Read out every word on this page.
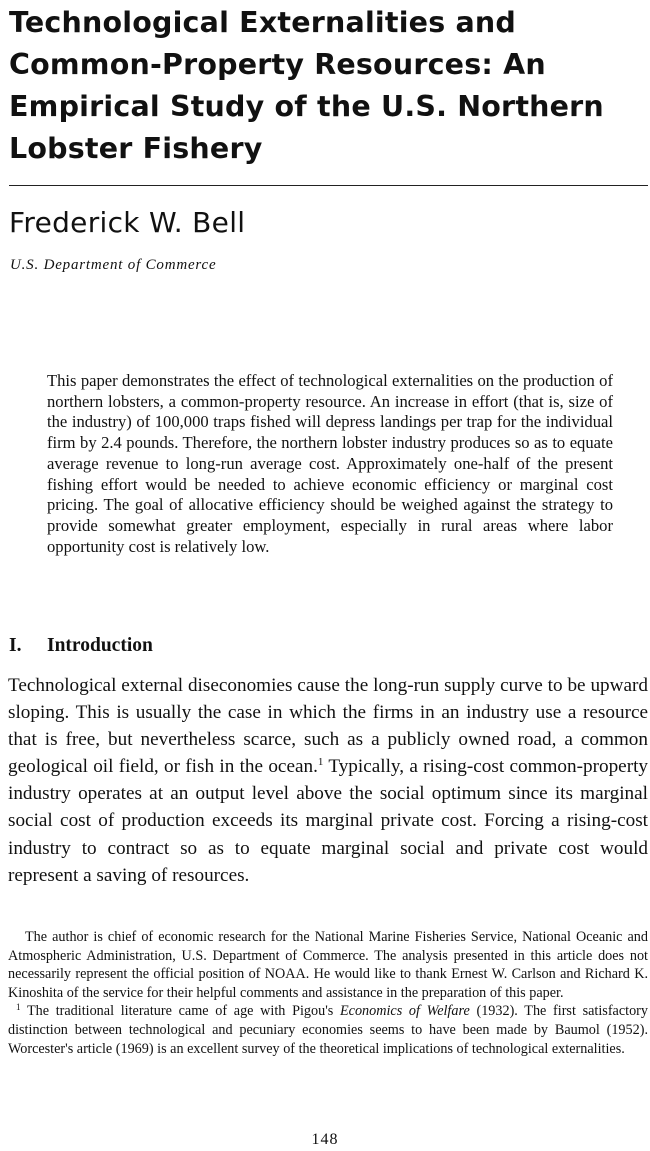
Technological Externalities and Common-Property Resources: An Empirical Study of the U.S. Northern Lobster Fishery
Frederick W. Bell
U.S. Department of Commerce

This paper demonstrates the effect of technological externalities on the production of northern lobsters, a common-property resource. An increase in effort (that is, size of the industry) of 100,000 traps fished will depress landings per trap for the individual firm by 2.4 pounds. Therefore, the northern lobster industry produces so as to equate average revenue to long-run average cost. Approximately one-half of the present fishing effort would be needed to achieve economic efficiency or marginal cost pricing. The goal of allocative efficiency should be weighed against the strategy to provide somewhat greater employment, especially in rural areas where labor opportunity cost is relatively low.

I. Introduction

Technological external diseconomies cause the long-run supply curve to be upward sloping. This is usually the case in which the firms in an industry use a resource that is free, but nevertheless scarce, such as a publicly owned road, a common geological oil field, or fish in the ocean.$^1$ Typically, a rising-cost common-property industry operates at an output level above the social optimum since its marginal social cost of production exceeds its marginal private cost. Forcing a rising-cost industry to contract so as to equate marginal social and private cost would represent a saving of resources.

The author is chief of economic research for the National Marine Fisheries Service, National Oceanic and Atmospheric Administration, U.S. Department of Commerce. The analysis presented in this article does not necessarily represent the official position of NOAA. He would like to thank Ernest W. Carlson and Richard K. Kinoshita of the service for their helpful comments and assistance in the preparation of this paper.

$^1$ The traditional literature came of age with Pigou's Economics of Welfare (1932). The first satisfactory distinction between technological and pecuniary economies seems to have been made by Baumol (1952). Worcester's article (1969) is an excellent survey of the theoretical implications of technological externalities.

148
